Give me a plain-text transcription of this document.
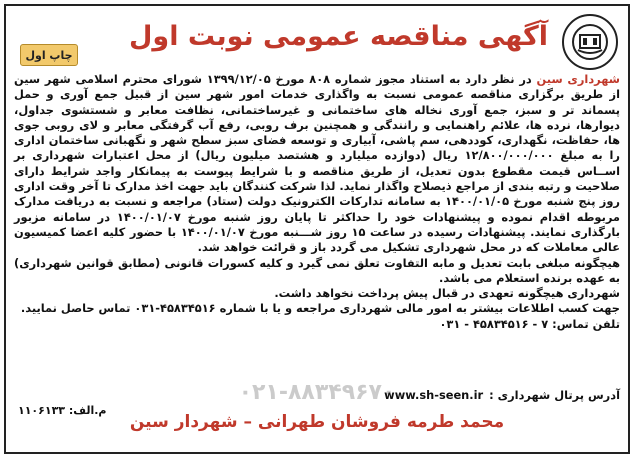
آگهی مناقصه عمومی نوبت اول
چاپ اول

شهرداری سین در نظر دارد به استناد مجوز شماره ۸۰۸ مورخ ۱۳۹۹/۱۲/۰۵ شورای محترم اسلامی شهر سین از طریق برگزاری مناقصه عمومی نسبت به واگذاری خدمات امور شهر سین از قبیل جمع آوری و حمل پسماند تر و سبز، جمع آوری نخاله های ساختمانی و غیرساختمانی، نظافت معابر و شستشوی جداول، دیوارها، نرده ها، علائم راهنمایی و رانندگی و همچنین برف روبی، رفع آب گرفتگی معابر و لای روبی جوی ها، حفاظت، نگهداری، کوددهی، سم پاشی، آبیاری و توسعه فضای سبز سطح شهر و نگهبانی ساختمان اداری را به مبلغ ۱۲/۸۰۰/۰۰۰/۰۰۰ ریال (دوازده میلیارد و هشتصد میلیون ریال) از محل اعتبارات شهرداری بر اســاس قیمت مقطوع بدون تعدیل، از طریق مناقصه و با شرایط پیوست به پیمانکار واجد شرایط دارای صلاحیت و رتبه بندی از مراجع ذیصلاح واگذار نماید. لذا شرکت کنندگان باید جهت اخذ مدارک تا آخر وقت اداری روز پنج شنبه مورخ ۱۴۰۰/۰۱/۰۵ به سامانه تدارکات الکترونیک دولت (ستاد) مراجعه و نسبت به دریافت مدارک مربوطه اقدام نموده و پیشنهادات خود را حداکثر تا پایان روز شنبه مورخ ۱۴۰۰/۰۱/۰۷ در سامانه مزبور بارگذاری نمایند. پیشنهادات رسیده در ساعت ۱۵ روز شـــنبه مورخ ۱۴۰۰/۰۱/۰۷ با حضور کلیه اعضا کمیسیون عالی معاملات که در محل شهرداری تشکیل می گردد باز و قرائت خواهد شد.

هیچگونه مبلغی بابت تعدیل و مابه التفاوت تعلق نمی گیرد و کلیه کسورات قانونی (مطابق قوانین شهرداری) به عهده برنده استعلام می باشد.

شهرداری هیچگونه تعهدی در قبال پیش پرداخت نخواهد داشت.

جهت کسب اطلاعات بیشتر به امور مالی شهرداری مراجعه و یا با شماره ۴۵۸۳۴۵۱۶-۰۳۱ تماس حاصل نمایید.

تلفن تماس: ۷ - ۴۵۸۳۴۵۱۶ - ۰۳۱

۰۲۱-۸۸۳۴۹۶۷۰	آدرس پرتال شهرداری :
www.sh-seen.ir
م.الف: ۱۱۰۶۱۳۳
محمد طرمه فروشان طهرانی – شهردار سین
